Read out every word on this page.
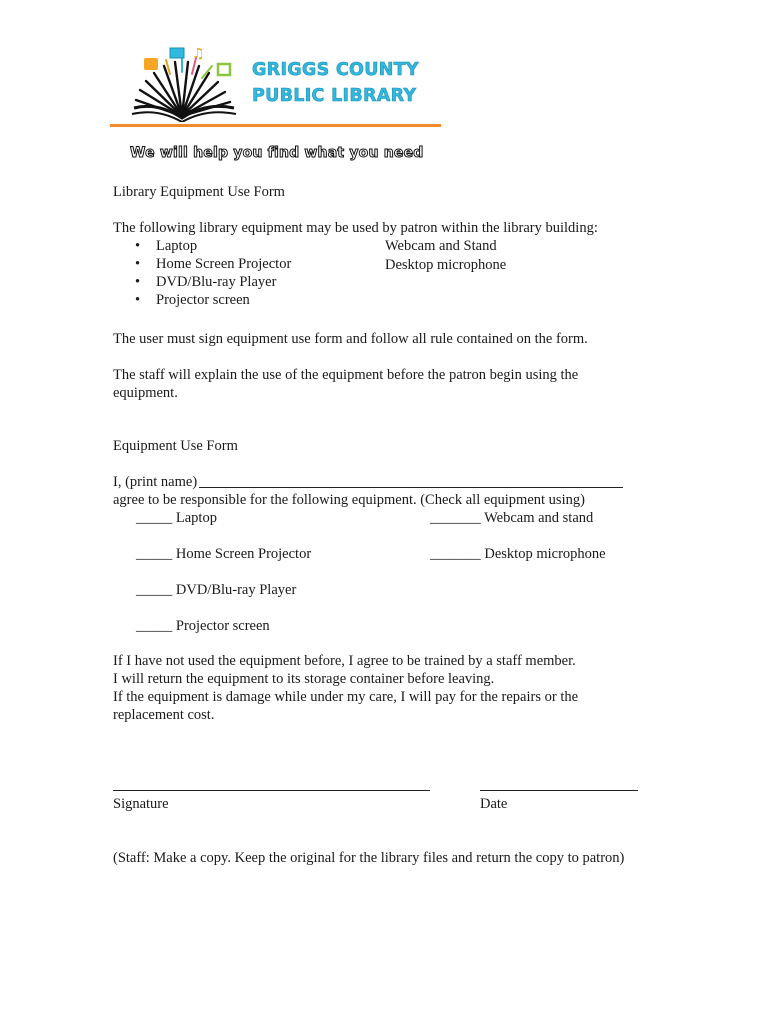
♫
GRIGGS COUNTY
PUBLIC LIBRARY
We will help you find what you need
Library Equipment Use Form
The following library equipment may be used by patron within the library building:
• Laptop
• Home Screen Projector
• DVD/Blu-ray Player
• Projector screen
Webcam and Stand
Desktop microphone
The user must sign equipment use form and follow all rule contained on the form.
The staff will explain the use of the equipment before the patron begin using the
equipment.
Equipment Use Form
I, (print name)
agree to be responsible for the following equipment. (Check all equipment using)
_____ Laptop	_______ Webcam and stand
_____ Home Screen Projector	_______ Desktop microphone
_____ DVD/Blu-ray Player
_____ Projector screen
If I have not used the equipment before, I agree to be trained by a staff member.
I will return the equipment to its storage container before leaving.
If the equipment is damage while under my care, I will pay for the repairs or the
replacement cost.
Signature	Date
(Staff: Make a copy. Keep the original for the library files and return the copy to patron)
